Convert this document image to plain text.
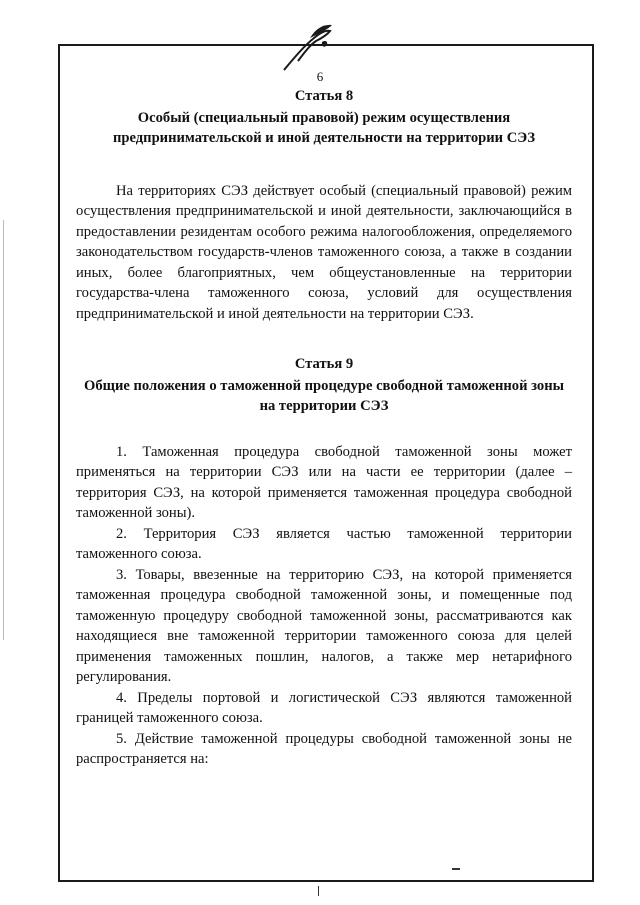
6

Статья 8

Особый (специальный правовой) режим осуществления предпринимательской и иной деятельности на территории СЭЗ

На территориях СЭЗ действует особый (специальный правовой) режим осуществления предпринимательской и иной деятельности, заключающийся в предоставлении резидентам особого режима налогообложения, определяемого законодательством государств-членов таможенного союза, а также в создании иных, более благоприятных, чем общеустановленные на территории государства-члена таможенного союза, условий для осуществления предпринимательской и иной деятельности на территории СЭЗ.

Статья 9

Общие положения о таможенной процедуре свободной таможенной зоны на территории СЭЗ

1. Таможенная процедура свободной таможенной зоны может применяться на территории СЭЗ или на части ее территории (далее – территория СЭЗ, на которой применяется таможенная процедура свободной таможенной зоны).

2. Территория СЭЗ является частью таможенной территории таможенного союза.

3. Товары, ввезенные на территорию СЭЗ, на которой применяется таможенная процедура свободной таможенной зоны, и помещенные под таможенную процедуру свободной таможенной зоны, рассматриваются как находящиеся вне таможенной территории таможенного союза для целей применения таможенных пошлин, налогов, а также мер нетарифного регулирования.

4. Пределы портовой и логистической СЭЗ являются таможенной границей таможенного союза.

5. Действие таможенной процедуры свободной таможенной зоны не распространяется на:
